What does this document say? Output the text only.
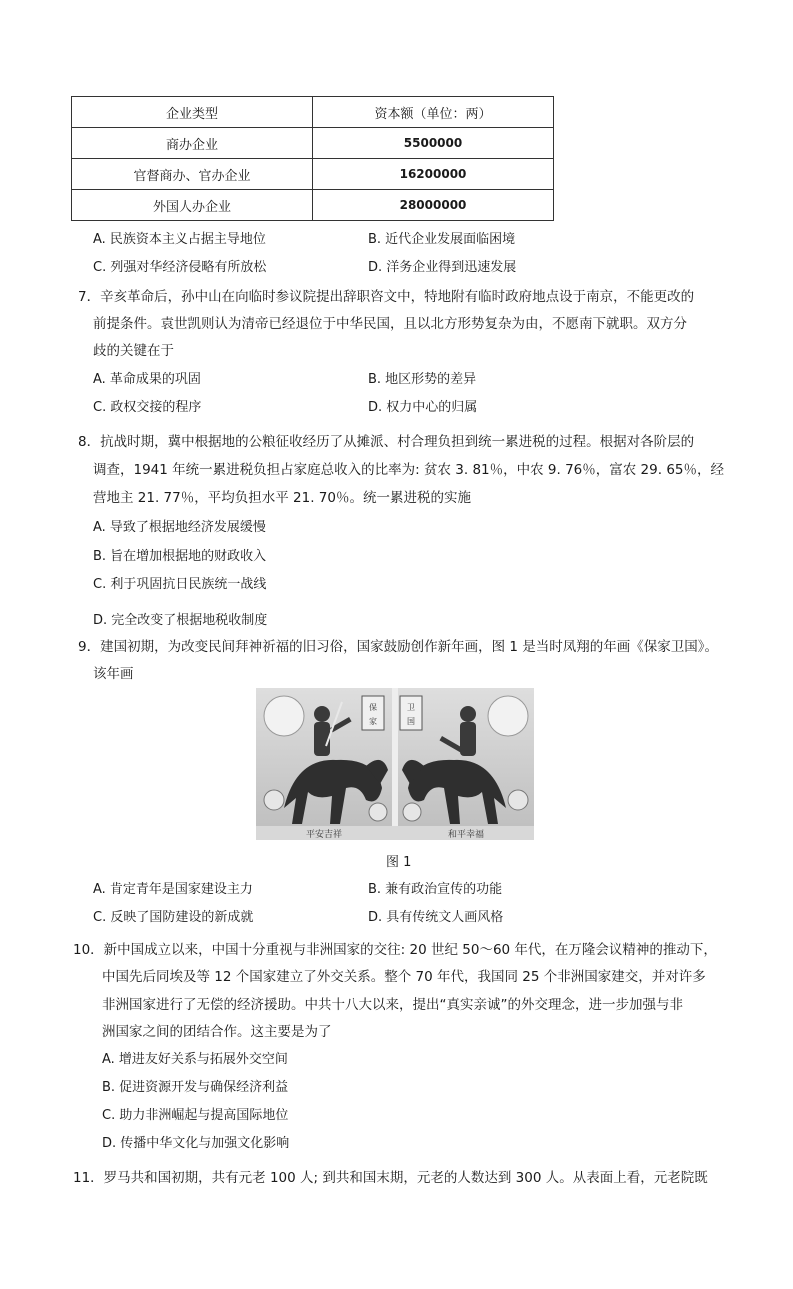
企业类型	资本额（单位：两）
商办企业	5500000
官督商办、官办企业	16200000
外国人办企业	28000000
A. 民族资本主义占据主导地位	B. 近代企业发展面临困境
C. 列强对华经济侵略有所放松	D. 洋务企业得到迅速发展
7．辛亥革命后，孙中山在向临时参议院提出辞职咨文中，特地附有临时政府地点设于南京，不能更改的
前提条件。袁世凯则认为清帝已经退位于中华民国，且以北方形势复杂为由，不愿南下就职。双方分
歧的关键在于
A. 革命成果的巩固	B. 地区形势的差异
C. 政权交接的程序	D. 权力中心的归属
8．抗战时期，冀中根据地的公粮征收经历了从摊派、村合理负担到统一累进税的过程。根据对各阶层的
调查，1941 年统一累进税负担占家庭总收入的比率为: 贫农 3. 81％，中农 9. 76％，富农 29. 65％，经
营地主 21. 77％，平均负担水平 21. 70％。统一累进税的实施
A. 导致了根据地经济发展缓慢
B. 旨在增加根据地的财政收入
C. 利于巩固抗日民族统一战线
D. 完全改变了根据地税收制度
9．建国初期，为改变民间拜神祈福的旧习俗，国家鼓励创作新年画，图 1 是当时凤翔的年画《保家卫国》。
该年画
保
家
卫
国
平安吉祥	和平幸福
图 1
A. 肯定青年是国家建设主力	B. 兼有政治宣传的功能
C. 反映了国防建设的新成就	D. 具有传统文人画风格
10．新中国成立以来，中国十分重视与非洲国家的交往: 20 世纪 50～60 年代，在万隆会议精神的推动下，
中国先后同埃及等 12 个国家建立了外交关系。整个 70 年代，我国同 25 个非洲国家建交，并对许多
非洲国家进行了无偿的经济援助。中共十八大以来，提出“真实亲诚”的外交理念，进一步加强与非
洲国家之间的团结合作。这主要是为了
A. 增进友好关系与拓展外交空间
B. 促进资源开发与确保经济利益
C. 助力非洲崛起与提高国际地位
D. 传播中华文化与加强文化影响
11．罗马共和国初期，共有元老 100 人; 到共和国末期，元老的人数达到 300 人。从表面上看，元老院既
